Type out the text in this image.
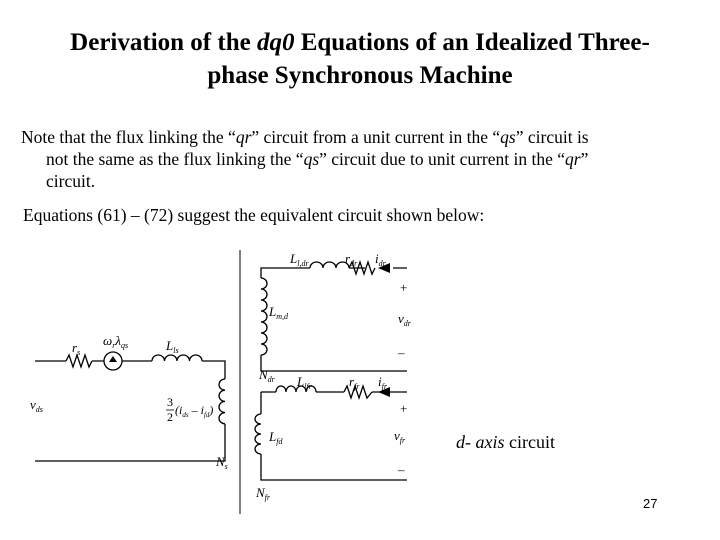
Derivation of the dq0 Equations of an Idealized Three-
phase Synchronous Machine
Note that the flux linking the “qr” circuit from a unit current in the “qs” circuit is
not the same as the flux linking the “qs” circuit due to unit current in the “qr”
circuit.
Equations (61) – (72) suggest the equivalent circuit shown below:
$r_s$
$\omega_r\lambda_{qs}$	$L_{ls}$
$v_{ds}$
3
2 $(i_{ds} - i_{fd})$
$N_s$
$L_{l,dr}$	$r_{dr}$ $i_{dr}$
$L_{m,d}$	$v_{dr}$
$N_{dr}$ $L_{lfr}$	$r_{fr}$ $i_{fr}$
$L_{fd}$	$v_{fr}$
$N_{fr}$
+
–
+
–
d- axis circuit
27
